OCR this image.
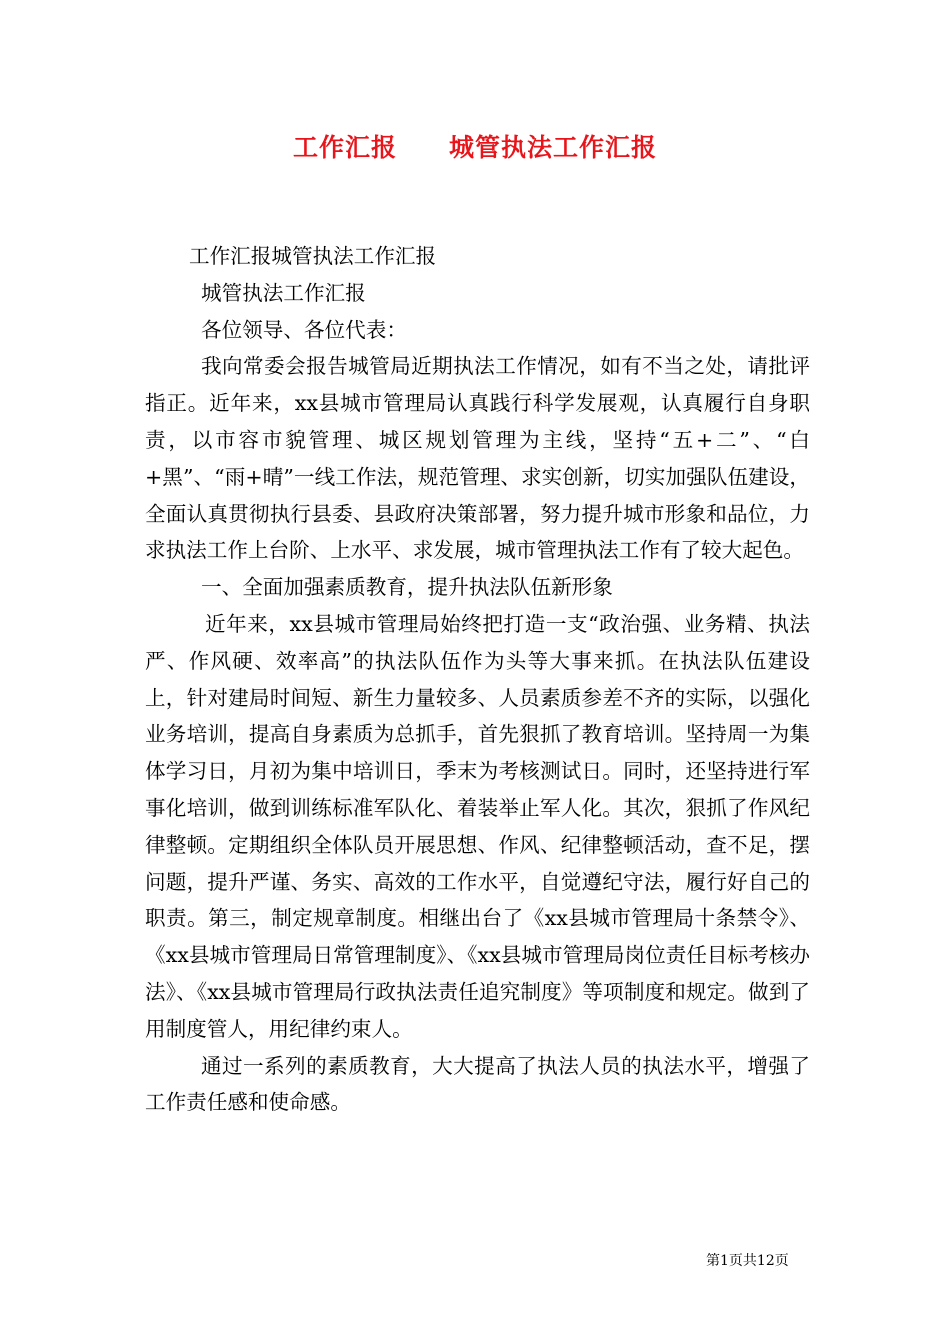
工作汇报　　城管执法工作汇报

工作汇报城管执法工作汇报

城管执法工作汇报

各位领导、各位代表：

我向常委会报告城管局近期执法工作情况，如有不当之处，请批评指正。近年来，xx县城市管理局认真践行科学发展观，认真履行自身职责，以市容市貌管理、城区规划管理为主线，坚持“五+二”、“白+黑”、“雨+晴”一线工作法，规范管理、求实创新，切实加强队伍建设，全面认真贯彻执行县委、县政府决策部署，努力提升城市形象和品位，力求执法工作上台阶、上水平、求发展，城市管理执法工作有了较大起色。

一、全面加强素质教育，提升执法队伍新形象

近年来，xx县城市管理局始终把打造一支“政治强、业务精、执法严、作风硬、效率高”的执法队伍作为头等大事来抓。在执法队伍建设上，针对建局时间短、新生力量较多、人员素质参差不齐的实际，以强化业务培训，提高自身素质为总抓手，首先狠抓了教育培训。坚持周一为集体学习日，月初为集中培训日，季末为考核测试日。同时，还坚持进行军事化培训，做到训练标准军队化、着装举止军人化。其次，狠抓了作风纪律整顿。定期组织全体队员开展思想、作风、纪律整顿活动，查不足，摆问题，提升严谨、务实、高效的工作水平，自觉遵纪守法，履行好自己的职责。第三，制定规章制度。相继出台了《xx县城市管理局十条禁令》、《xx县城市管理局日常管理制度》、《xx县城市管理局岗位责任目标考核办法》、《xx县城市管理局行政执法责任追究制度》等项制度和规定。做到了用制度管人，用纪律约束人。

通过一系列的素质教育，大大提高了执法人员的执法水平，增强了工作责任感和使命感。

第1页共12页
